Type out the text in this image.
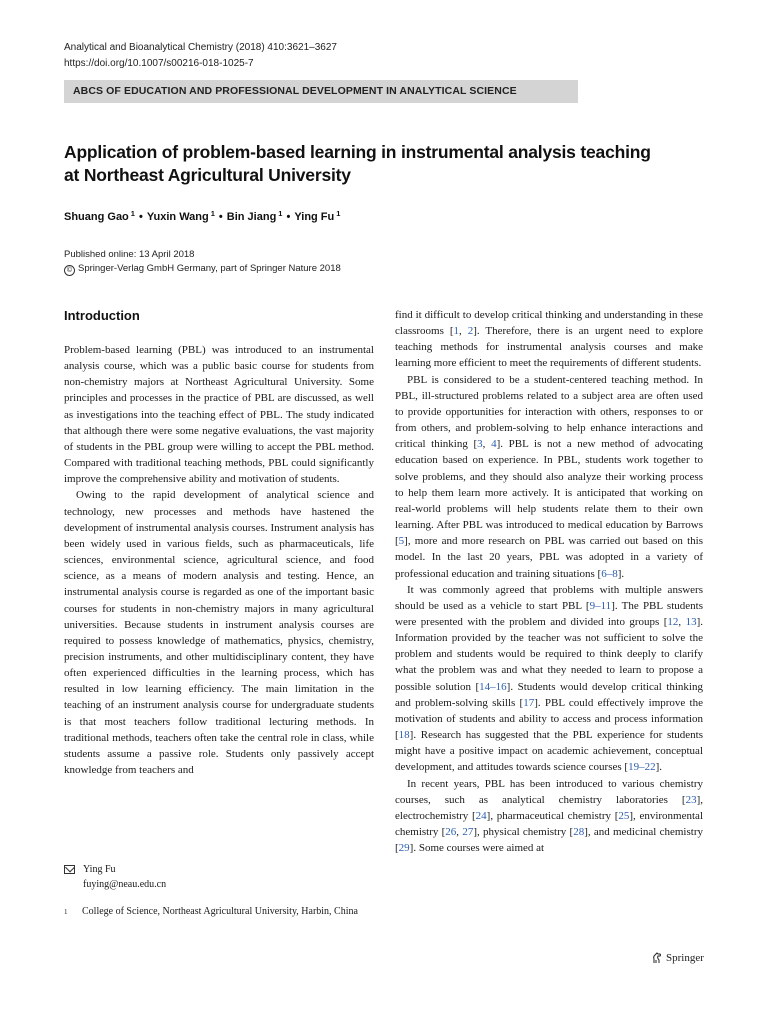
Analytical and Bioanalytical Chemistry (2018) 410:3621–3627
https://doi.org/10.1007/s00216-018-1025-7
ABCS OF EDUCATION AND PROFESSIONAL DEVELOPMENT IN ANALYTICAL SCIENCE
Application of problem-based learning in instrumental analysis teaching
at Northeast Agricultural University
Shuang Gao $^1$ • Yuxin Wang $^1$ • Bin Jiang $^1$ • Ying Fu $^1$
Published online: 13 April 2018
© Springer-Verlag GmbH Germany, part of Springer Nature 2018
Introduction

Problem-based learning (PBL) was introduced to an instrumental analysis course, which was a public basic course for students from non-chemistry majors at Northeast Agricultural University. Some principles and processes in the practice of PBL are discussed, as well as investigations into the teaching effect of PBL. The study indicated that although there were some negative evaluations, the vast majority of students in the PBL group were willing to accept the PBL method. Compared with traditional teaching methods, PBL could significantly improve the comprehensive ability and motivation of students.

Owing to the rapid development of analytical science and technology, new processes and methods have hastened the development of instrumental analysis courses. Instrument analysis has been widely used in various fields, such as pharmaceuticals, life sciences, environmental science, agricultural science, and food science, as a means of modern analysis and testing. Hence, an instrumental analysis course is regarded as one of the important basic courses for students in non-chemistry majors in many agricultural universities. Because students in instrument analysis courses are required to possess knowledge of mathematics, physics, chemistry, precision instruments, and other multidisciplinary content, they have often experienced difficulties in the learning process, which has resulted in low learning efficiency. The main limitation in the teaching of an instrument analysis course for undergraduate students is that most teachers follow traditional lecturing methods. In traditional methods, teachers often take the central role in class, while students assume a passive role. Students only passively accept knowledge from teachers and

find it difficult to develop critical thinking and understanding in these classrooms [1, 2]. Therefore, there is an urgent need to explore teaching methods for instrumental analysis courses and make learning more efficient to meet the requirements of different students.

PBL is considered to be a student-centered teaching method. In PBL, ill-structured problems related to a subject area are often used to provide opportunities for interaction with others, responses to or from others, and problem-solving to help enhance interactions and critical thinking [3, 4]. PBL is not a new method of advocating education based on experience. In PBL, students work together to solve problems, and they should also analyze their working process to help them learn more actively. It is anticipated that working on real-world problems will help students relate them to their own learning. After PBL was introduced to medical education by Barrows [5], more and more research on PBL was carried out based on this model. In the last 20 years, PBL was adopted in a variety of professional education and training situations [6–8].

It was commonly agreed that problems with multiple answers should be used as a vehicle to start PBL [9–11]. The PBL students were presented with the problem and divided into groups [12, 13]. Information provided by the teacher was not sufficient to solve the problem and students would be required to think deeply to clarify what the problem was and what they needed to learn to propose a possible solution [14–16]. Students would develop critical thinking and problem-solving skills [17]. PBL could effectively improve the motivation of students and ability to access and process information [18]. Research has suggested that the PBL experience for students might have a positive impact on academic achievement, conceptual development, and attitudes towards science courses [19–22].

In recent years, PBL has been introduced to various chemistry courses, such as analytical chemistry laboratories [23], electrochemistry [24], pharmaceutical chemistry [25], environmental chemistry [26, 27], physical chemistry [28], and medicinal chemistry [29]. Some courses were aimed at

Ying Fu
fuying@neau.edu.cn
1	College of Science, Northeast Agricultural University, Harbin, China
Springer
